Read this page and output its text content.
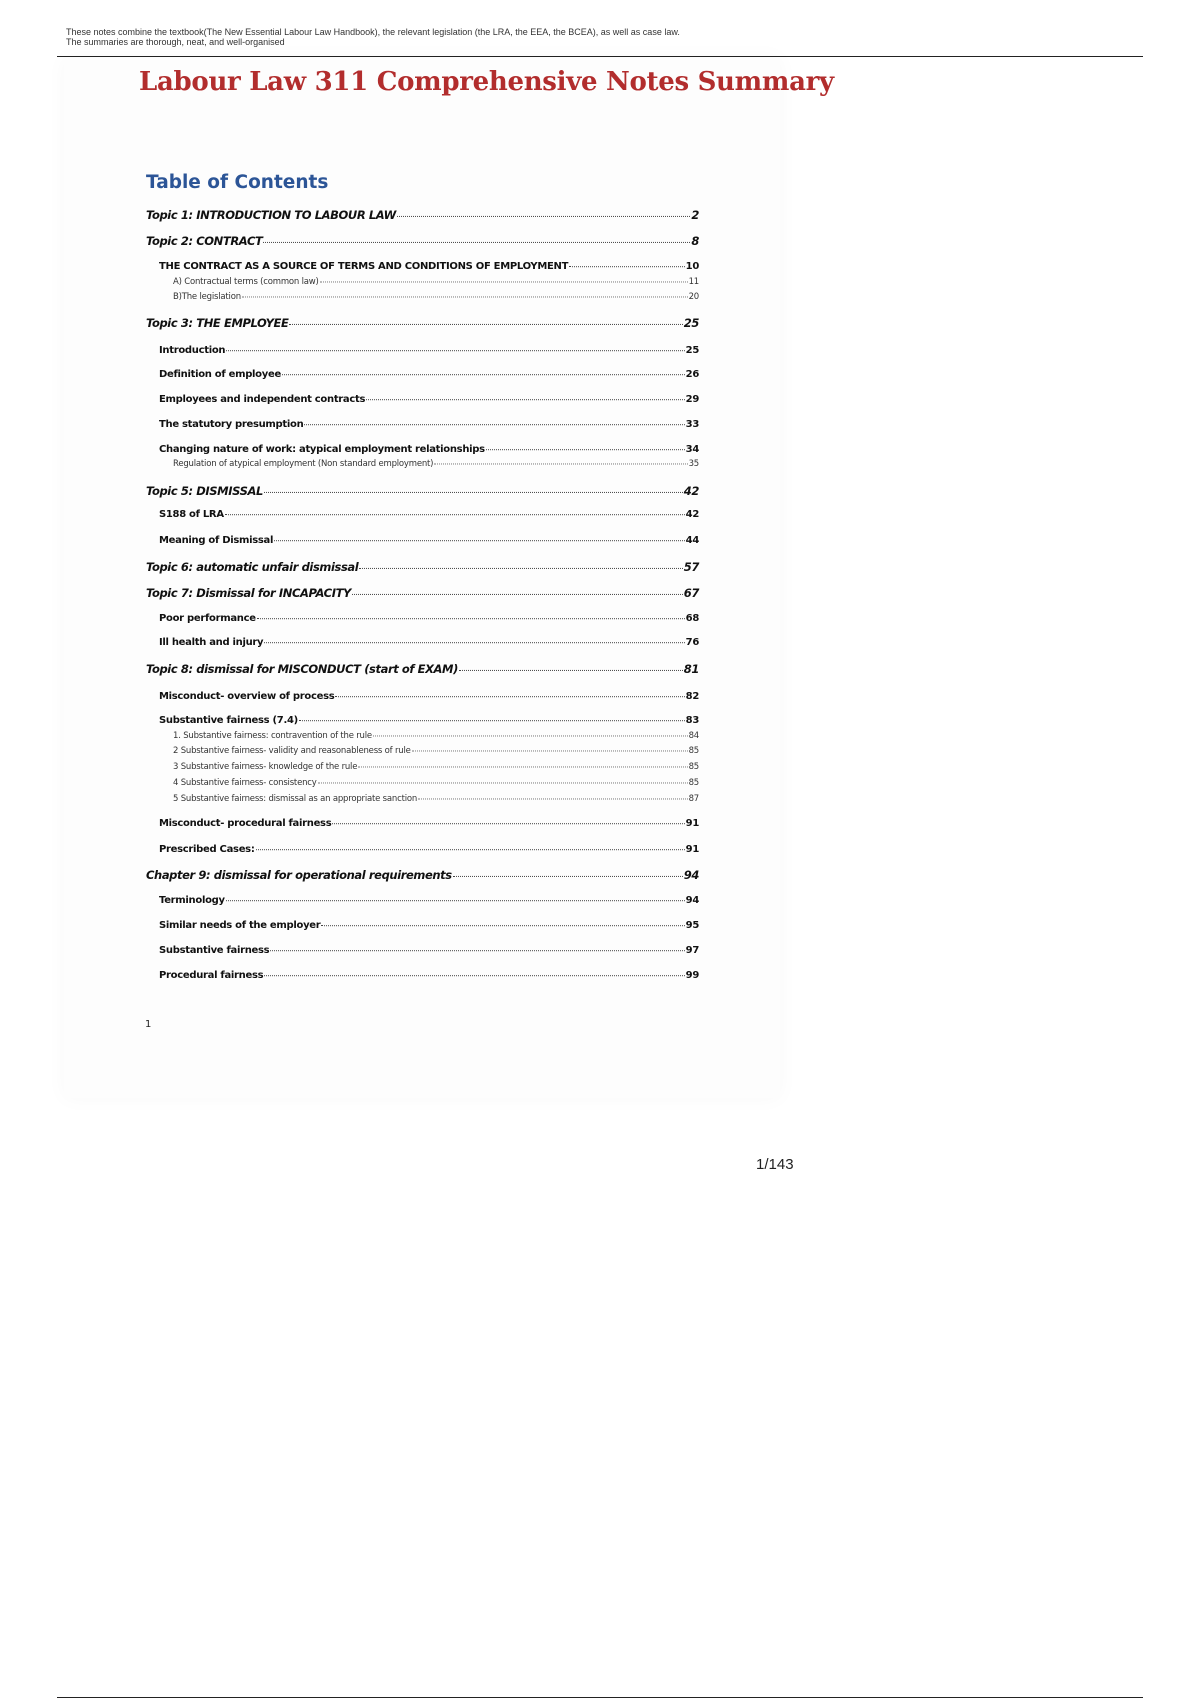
These notes combine the textbook(The New Essential Labour Law Handbook), the relevant legislation (the LRA, the EEA, the BCEA), as well as case law.
The summaries are thorough, neat, and well-organised
Labour Law 311 Comprehensive Notes Summary
Table of Contents
Topic 1: INTRODUCTION TO LABOUR LAW	2
Topic 2: CONTRACT	8
THE CONTRACT AS A SOURCE OF TERMS AND CONDITIONS OF EMPLOYMENT	10
A) Contractual terms (common law)	11
B)The legislation	20
Topic 3: THE EMPLOYEE	25
Introduction	25
Definition of employee	26
Employees and independent contracts	29
The statutory presumption	33
Changing nature of work: atypical employment relationships	34
Regulation of atypical employment (Non standard employment)	35
Topic 5: DISMISSAL	42
S188 of LRA	42
Meaning of Dismissal	44
Topic 6: automatic unfair dismissal	57
Topic 7: Dismissal for INCAPACITY	67
Poor performance	68
Ill health and injury	76
Topic 8: dismissal for MISCONDUCT (start of EXAM)	81
Misconduct- overview of process	82
Substantive fairness (7.4)	83
1. Substantive fairness: contravention of the rule	84
2 Substantive fairness- validity and reasonableness of rule	85
3 Substantive fairness- knowledge of the rule	85
4 Substantive fairness- consistency	85
5 Substantive fairness: dismissal as an appropriate sanction	87
Misconduct- procedural fairness	91
Prescribed Cases:	91
Chapter 9: dismissal for operational requirements	94
Terminology	94
Similar needs of the employer	95
Substantive fairness	97
Procedural fairness	99
1
1/143
